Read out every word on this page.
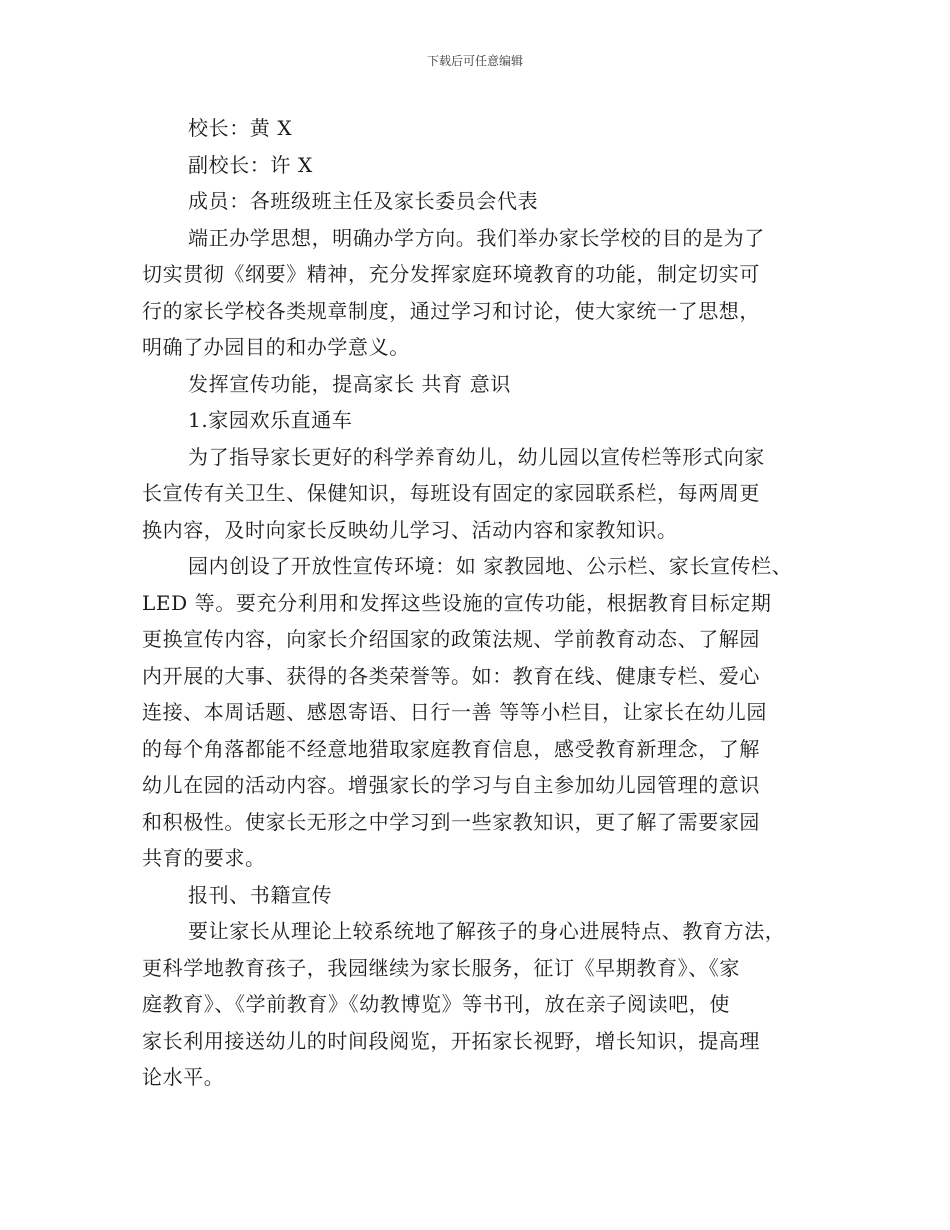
下载后可任意编辑
校长：黄 X
副校长：许 X
成员：各班级班主任及家长委员会代表
端正办学思想，明确办学方向。我们举办家长学校的目的是为了
切实贯彻《纲要》精神，充分发挥家庭环境教育的功能，制定切实可
行的家长学校各类规章制度，通过学习和讨论，使大家统一了思想，
明确了办园目的和办学意义。
发挥宣传功能，提高家长 共育 意识
1.家园欢乐直通车
为了指导家长更好的科学养育幼儿，幼儿园以宣传栏等形式向家
长宣传有关卫生、保健知识，每班设有固定的家园联系栏，每两周更
换内容，及时向家长反映幼儿学习、活动内容和家教知识。
园内创设了开放性宣传环境：如 家教园地、公示栏、家长宣传栏、
LED 等。要充分利用和发挥这些设施的宣传功能，根据教育目标定期
更换宣传内容，向家长介绍国家的政策法规、学前教育动态、了解园
内开展的大事、获得的各类荣誉等。如：教育在线、健康专栏、爱心
连接、本周话题、感恩寄语、日行一善 等等小栏目，让家长在幼儿园
的每个角落都能不经意地猎取家庭教育信息，感受教育新理念，了解
幼儿在园的活动内容。增强家长的学习与自主参加幼儿园管理的意识
和积极性。使家长无形之中学习到一些家教知识，更了解了需要家园
共育的要求。
报刊、书籍宣传
要让家长从理论上较系统地了解孩子的身心进展特点、教育方法，
更科学地教育孩子，我园继续为家长服务，征订《早期教育》、《家
庭教育》、《学前教育》《幼教博览》等书刊，放在亲子阅读吧，使
家长利用接送幼儿的时间段阅览，开拓家长视野，增长知识，提高理
论水平。
